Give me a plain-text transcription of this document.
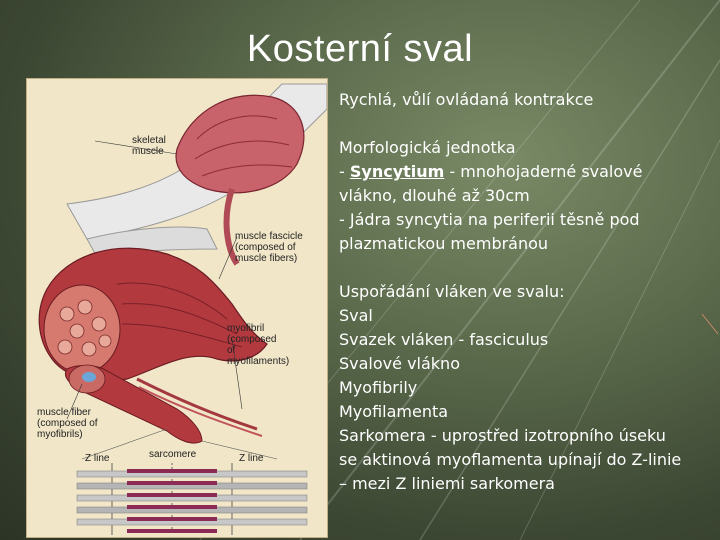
Kosterní sval
skeletal
muscle
muscle fascicle
(composed of
muscle fibers)
myofibril
(composed
of
myofilaments)
muscle fiber
(composed of
myofibrils)
sarcomere
Z line	Z line

Rychlá, vůlí ovládaná kontrakce

Morfologická jednotka

- Syncytium - mnohojaderné svalové

vlákno, dlouhé až 30cm

- Jádra syncytia na periferii těsně pod

plazmatickou membránou

Uspořádání vláken ve svalu:

Sval

Svazek vláken - fasciculus

Svalové vlákno

Myofibrily

Myofilamenta

Sarkomera - uprostřed izotropního úseku

se aktinová myoflamenta upínají do Z-linie

– mezi Z liniemi sarkomera
